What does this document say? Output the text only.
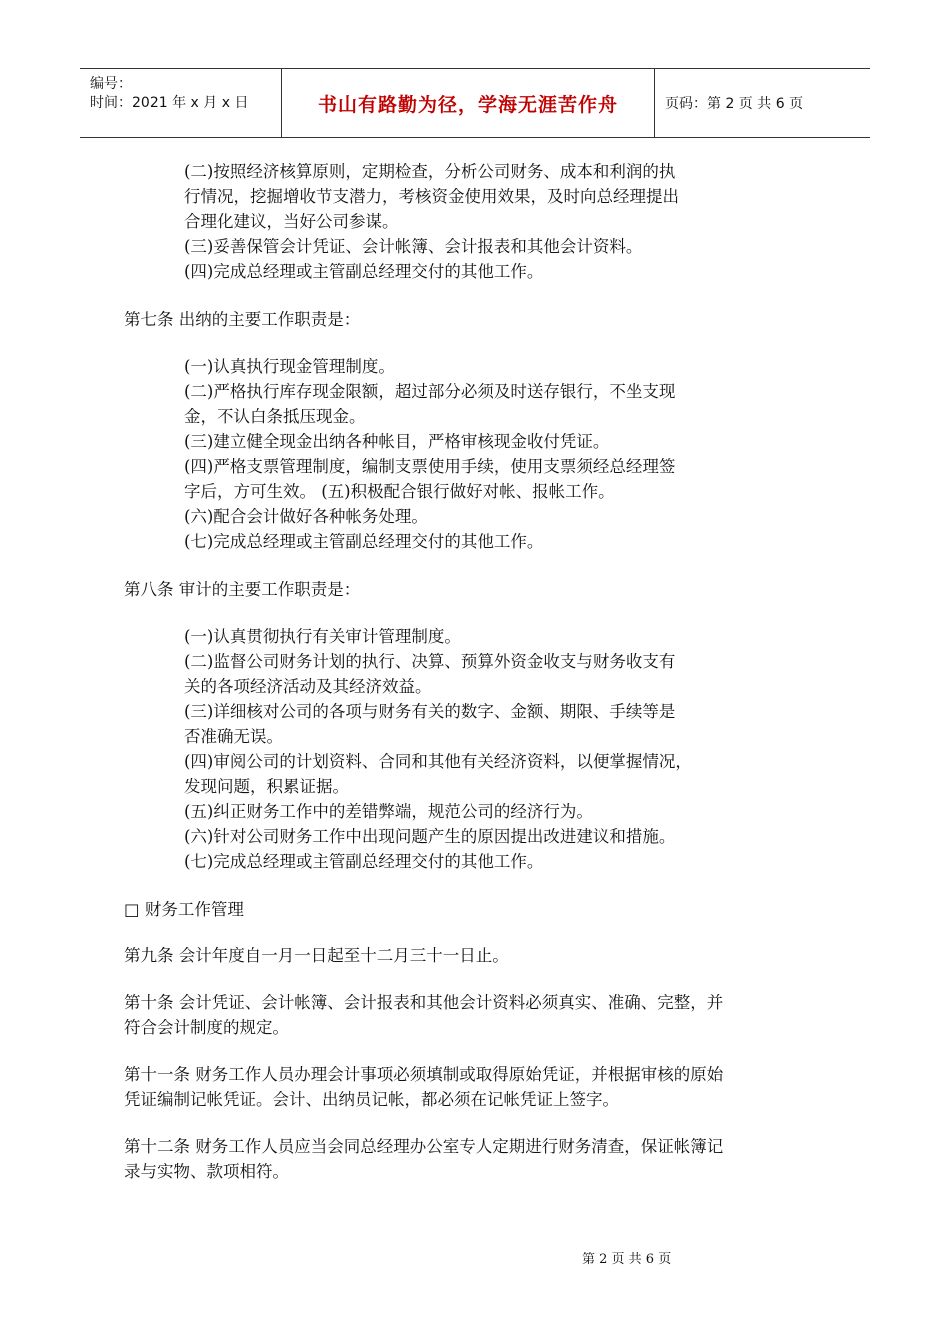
编号：
时间：2021 年 x 月 x 日	书山有路勤为径，学海无涯苦作舟	页码：第 2 页 共 6 页
(二)按照经济核算原则，定期检查，分析公司财务、成本和利润的执
行情况，挖掘增收节支潜力，考核资金使用效果，及时向总经理提出
合理化建议，当好公司参谋。
(三)妥善保管会计凭证、会计帐簿、会计报表和其他会计资料。
(四)完成总经理或主管副总经理交付的其他工作。
第七条 出纳的主要工作职责是：
(一)认真执行现金管理制度。
(二)严格执行库存现金限额，超过部分必须及时送存银行，不坐支现
金，不认白条抵压现金。
(三)建立健全现金出纳各种帐目，严格审核现金收付凭证。
(四)严格支票管理制度，编制支票使用手续，使用支票须经总经理签
字后，方可生效。 (五)积极配合银行做好对帐、报帐工作。
(六)配合会计做好各种帐务处理。
(七)完成总经理或主管副总经理交付的其他工作。
第八条 审计的主要工作职责是：
(一)认真贯彻执行有关审计管理制度。
(二)监督公司财务计划的执行、决算、预算外资金收支与财务收支有
关的各项经济活动及其经济效益。
(三)详细核对公司的各项与财务有关的数字、金额、期限、手续等是
否准确无误。
(四)审阅公司的计划资料、合同和其他有关经济资料，以便掌握情况，
发现问题，积累证据。
(五)纠正财务工作中的差错弊端，规范公司的经济行为。
(六)针对公司财务工作中出现问题产生的原因提出改进建议和措施。
(七)完成总经理或主管副总经理交付的其他工作。
□ 财务工作管理
第九条 会计年度自一月一日起至十二月三十一日止。
第十条 会计凭证、会计帐簿、会计报表和其他会计资料必须真实、准确、完整，并
符合会计制度的规定。
第十一条 财务工作人员办理会计事项必须填制或取得原始凭证，并根据审核的原始
凭证编制记帐凭证。会计、出纳员记帐，都必须在记帐凭证上签字。
第十二条 财务工作人员应当会同总经理办公室专人定期进行财务清查，保证帐簿记
录与实物、款项相符。
第 2 页 共 6 页
